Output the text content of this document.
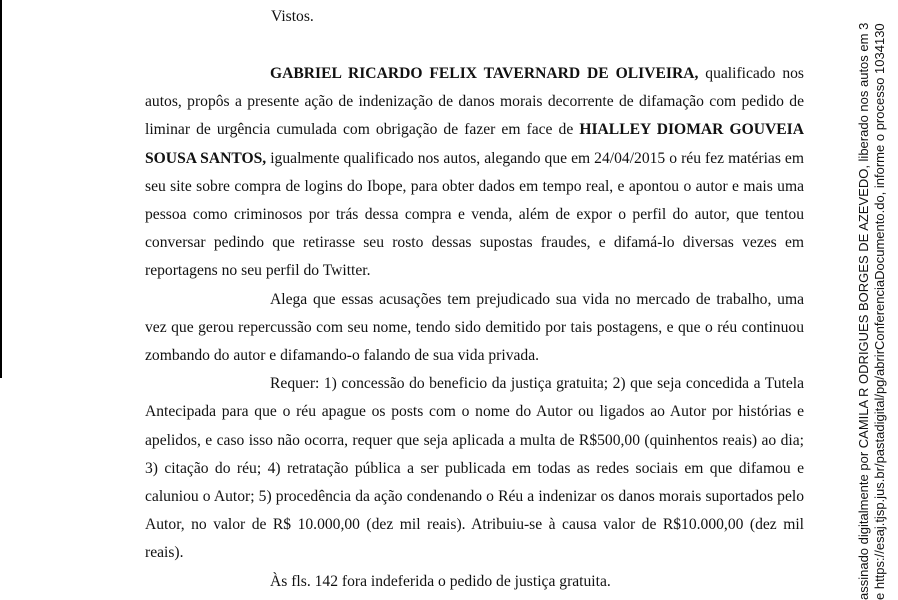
Vistos.

GABRIEL RICARDO FELIX TAVERNARD DE OLIVEIRA, qualificado nos autos, propôs a presente ação de indenização de danos morais decorrente de difamação com pedido de liminar de urgência cumulada com obrigação de fazer em face de HIALLEY DIOMAR GOUVEIA SOUSA SANTOS, igualmente qualificado nos autos, alegando que em 24/04/2015 o réu fez matérias em seu site sobre compra de logins do Ibope, para obter dados em tempo real, e apontou o autor e mais uma pessoa como criminosos por trás dessa compra e venda, além de expor o perfil do autor, que tentou conversar pedindo que retirasse seu rosto dessas supostas fraudes, e difamá-lo diversas vezes em reportagens no seu perfil do Twitter.

Alega que essas acusações tem prejudicado sua vida no mercado de trabalho, uma vez que gerou repercussão com seu nome, tendo sido demitido por tais postagens, e que o réu continuou zombando do autor e difamando-o falando de sua vida privada.

Requer: 1) concessão do beneficio da justiça gratuita; 2) que seja concedida a Tutela Antecipada para que o réu apague os posts com o nome do Autor ou ligados ao Autor por histórias e apelidos, e caso isso não ocorra, requer que seja aplicada a multa de R$500,00 (quinhentos reais) ao dia; 3) citação do réu; 4) retratação pública a ser publicada em todas as redes sociais em que difamou e caluniou o Autor; 5) procedência da ação condenando o Réu a indenizar os danos morais suportados pelo Autor, no valor de R$ 10.000,00 (dez mil reais). Atribuiu-se à causa valor de R$10.000,00 (dez mil reais).

Às fls. 142 fora indeferida o pedido de justiça gratuita.	assinado digitalmente por CAMILA R ODRIGUES BORGES DE AZEVEDO, liberado nos autos em 3 e https://esaj.tjsp.jus.br/pastadigital/pg/abrirConferenciaDocumento.do, informe o processo 1034130
